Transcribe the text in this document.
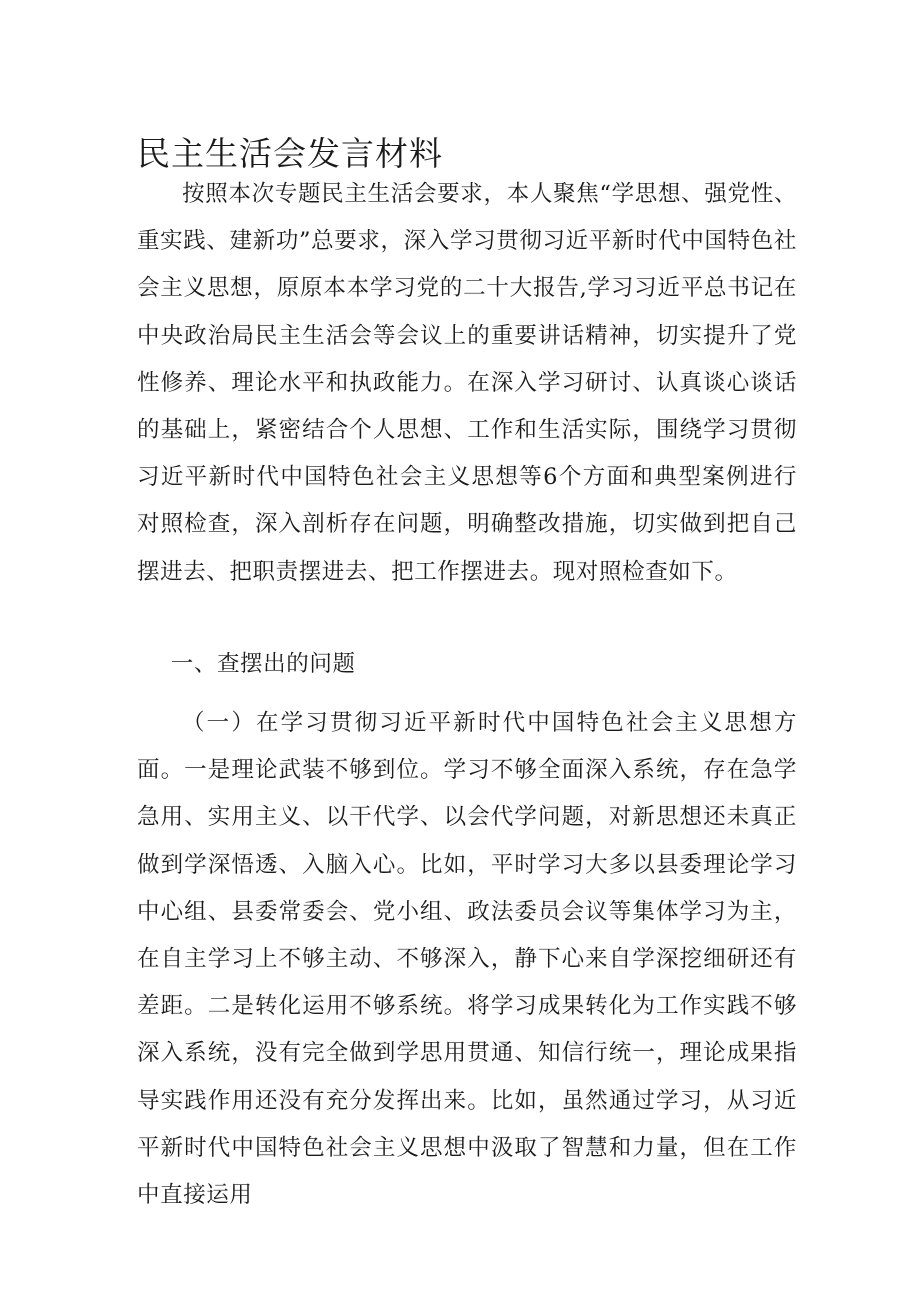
民主生活会发言材料

按照本次专题民主生活会要求，本人聚焦“学思想、强党性、重实践、建新功”总要求，深入学习贯彻习近平新时代中国特色社会主义思想，原原本本学习党的二十大报告,学习习近平总书记在中央政治局民主生活会等会议上的重要讲话精神，切实提升了党性修养、理论水平和执政能力。在深入学习研讨、认真谈心谈话的基础上，紧密结合个人思想、工作和生活实际，围绕学习贯彻习近平新时代中国特色社会主义思想等6个方面和典型案例进行对照检查，深入剖析存在问题，明确整改措施，切实做到把自己摆进去、把职责摆进去、把工作摆进去。现对照检查如下。

一、查摆出的问题

（一）在学习贯彻习近平新时代中国特色社会主义思想方面。一是理论武装不够到位。学习不够全面深入系统，存在急学急用、实用主义、以干代学、以会代学问题，对新思想还未真正做到学深悟透、入脑入心。比如，平时学习大多以县委理论学习中心组、县委常委会、党小组、政法委员会议等集体学习为主，在自主学习上不够主动、不够深入，静下心来自学深挖细研还有差距。二是转化运用不够系统。将学习成果转化为工作实践不够深入系统，没有完全做到学思用贯通、知信行统一，理论成果指导实践作用还没有充分发挥出来。比如，虽然通过学习，从习近平新时代中国特色社会主义思想中汲取了智慧和力量，但在工作中直接运用
